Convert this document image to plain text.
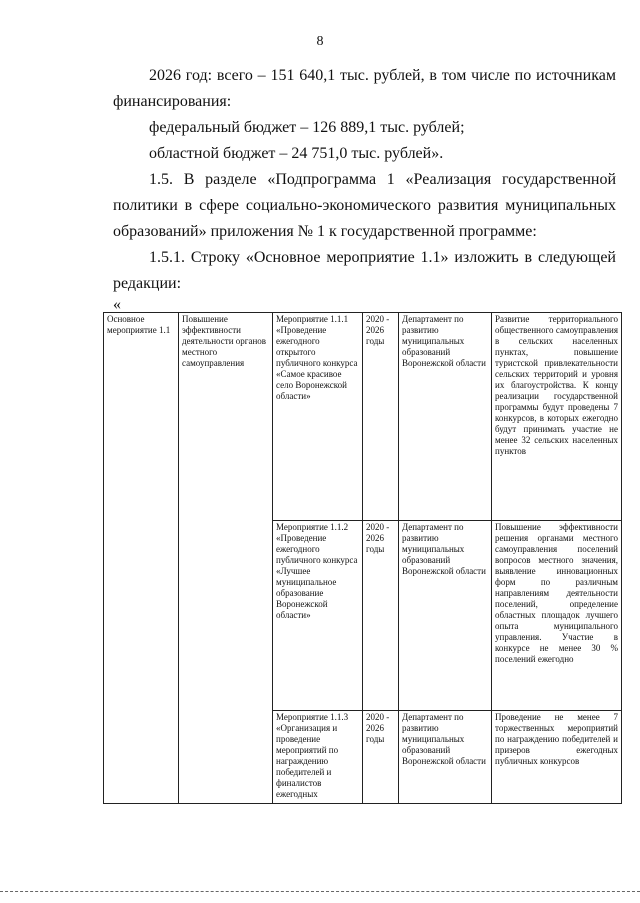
8

2026 год: всего – 151 640,1 тыс. рублей, в том числе по источникам финансирования:

федеральный бюджет – 126 889,1 тыс. рублей;

областной бюджет – 24 751,0 тыс. рублей».

1.5. В разделе «Подпрограмма 1 «Реализация государственной политики в сфере социально-экономического развития муниципальных образований» приложения № 1 к государственной программе:

1.5.1. Строку «Основное мероприятие 1.1» изложить в следующей редакции:

«
Основное мероприятие 1.1	Повышение эффективности деятельности органов местного самоуправления	Мероприятие 1.1.1 «Проведение ежегодного открытого публичного конкурса «Самое красивое село Воронежской области»	2020 - 2026 годы	Департамент по развитию муниципальных образований Воронежской области	Развитие территориального общественного самоуправления в сельских населенных пунктах, повышение туристской привлекательности сельских территорий и уровня их благоустройства. К концу реализации государственной программы будут проведены 7 конкурсов, в которых ежегодно будут принимать участие не менее 32 сельских населенных пунктов

		Мероприятие 1.1.2 «Проведение ежегодного публичного конкурса «Лучшее муниципальное образование Воронежской области»	2020 - 2026 годы	Департамент по развитию муниципальных образований Воронежской области	Повышение эффективности решения органами местного самоуправления поселений вопросов местного значения, выявление инновационных форм по различным направлениям деятельности поселений, определение областных площадок лучшего опыта муниципального управления. Участие в конкурсе не менее 30 % поселений ежегодно

		Мероприятие 1.1.3 «Организация и проведение мероприятий по награждению победителей и финалистов ежегодных	2020 - 2026 годы	Департамент по развитию муниципальных образований Воронежской области	Проведение не менее 7 торжественных мероприятий по награждению победителей и призеров ежегодных публичных конкурсов
